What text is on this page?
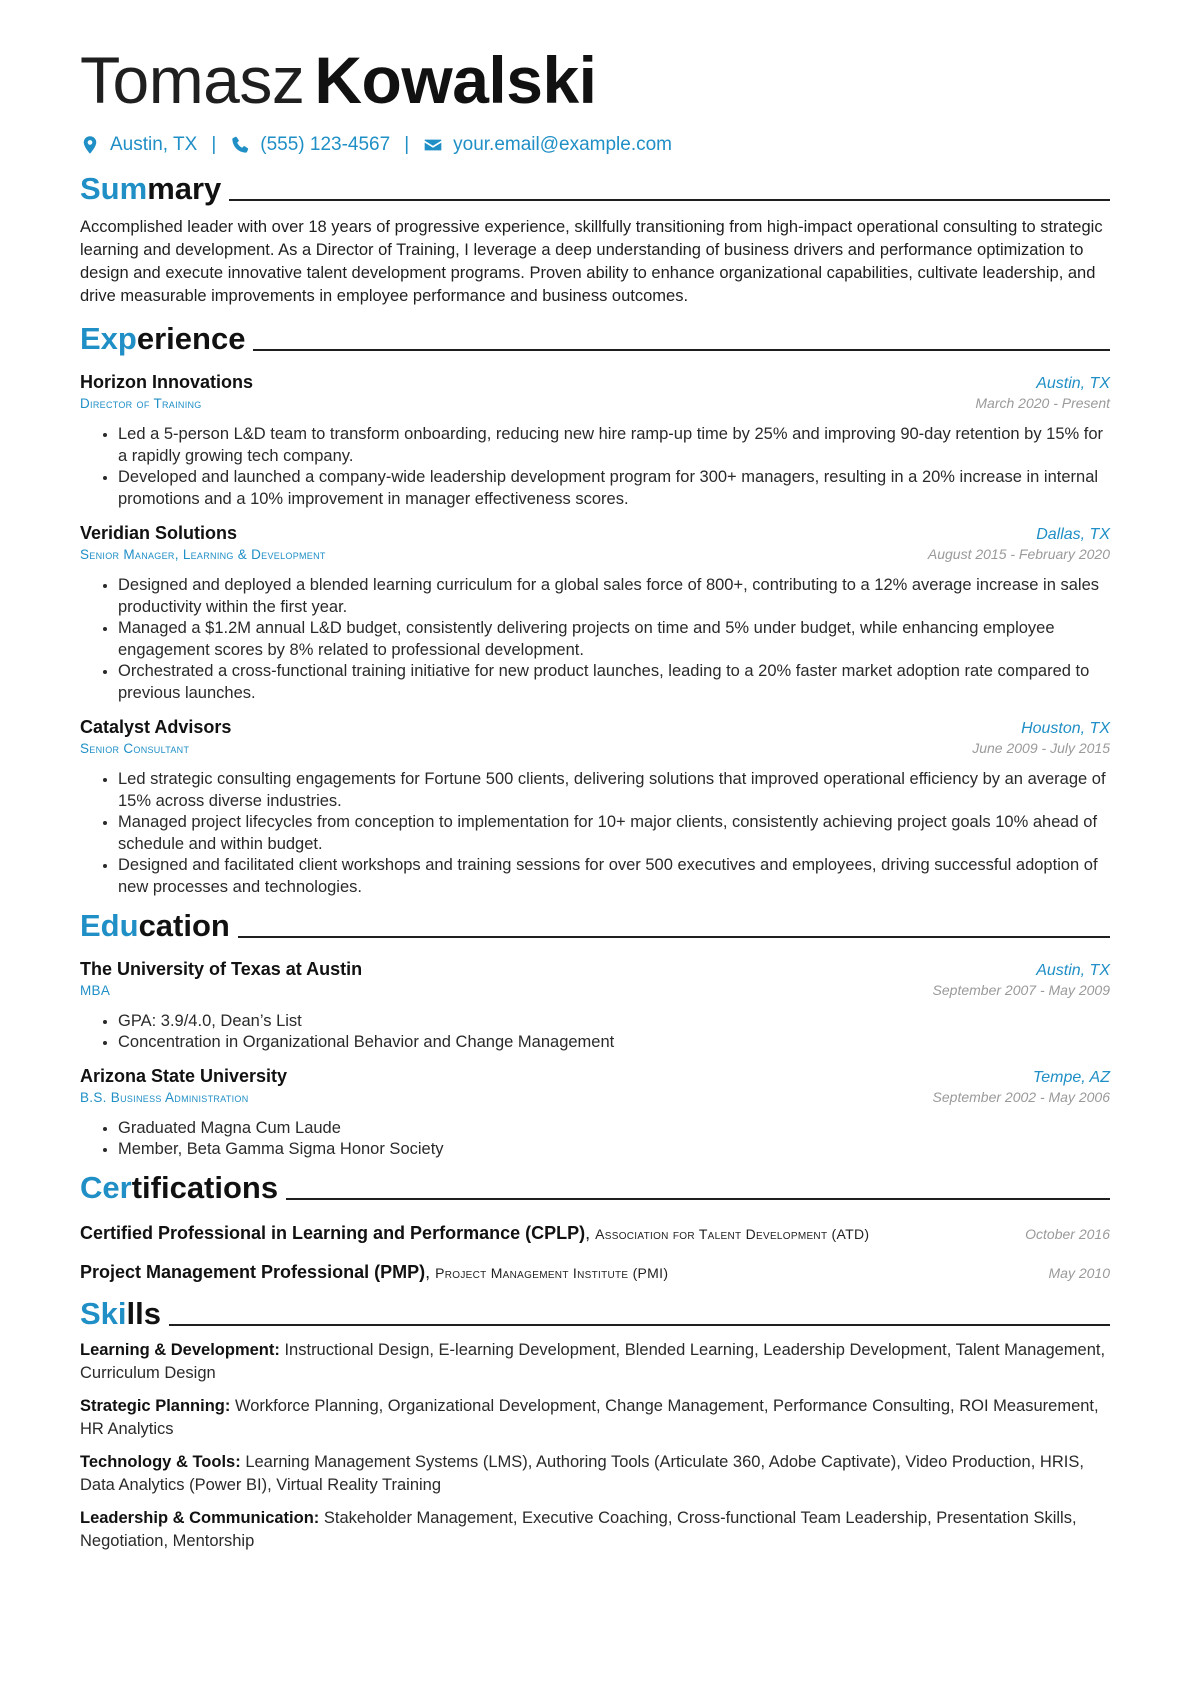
Tomasz Kowalski
Austin, TX | (555) 123-4567 | your.email@example.com
Summary

Accomplished leader with over 18 years of progressive experience, skillfully transitioning from high-impact operational consulting to strategic learning and development. As a Director of Training, I leverage a deep understanding of business drivers and performance optimization to design and execute innovative talent development programs. Proven ability to enhance organizational capabilities, cultivate leadership, and drive measurable improvements in employee performance and business outcomes.

Experience
Horizon Innovations	Austin, TX
Director of Training	March 2020 - Present
• Led a 5-person L&D team to transform onboarding, reducing new hire ramp-up time by 25% and improving 90-day retention by 15% for a rapidly growing tech company.
• Developed and launched a company-wide leadership development program for 300+ managers, resulting in a 20% increase in internal promotions and a 10% improvement in manager effectiveness scores.
Veridian Solutions	Dallas, TX
Senior Manager, Learning & Development	August 2015 - February 2020
• Designed and deployed a blended learning curriculum for a global sales force of 800+, contributing to a 12% average increase in sales productivity within the first year.
• Managed a $1.2M annual L&D budget, consistently delivering projects on time and 5% under budget, while enhancing employee engagement scores by 8% related to professional development.
• Orchestrated a cross-functional training initiative for new product launches, leading to a 20% faster market adoption rate compared to previous launches.
Catalyst Advisors	Houston, TX
Senior Consultant	June 2009 - July 2015
• Led strategic consulting engagements for Fortune 500 clients, delivering solutions that improved operational efficiency by an average of 15% across diverse industries.
• Managed project lifecycles from conception to implementation for 10+ major clients, consistently achieving project goals 10% ahead of schedule and within budget.
• Designed and facilitated client workshops and training sessions for over 500 executives and employees, driving successful adoption of new processes and technologies.
Education
The University of Texas at Austin	Austin, TX
MBA	September 2007 - May 2009
• GPA: 3.9/4.0, Dean’s List
• Concentration in Organizational Behavior and Change Management
Arizona State University	Tempe, AZ
B.S. Business Administration	September 2002 - May 2006
• Graduated Magna Cum Laude
• Member, Beta Gamma Sigma Honor Society
Certifications
Certified Professional in Learning and Performance (CPLP), Association for Talent Development (ATD)	October 2016
Project Management Professional (PMP), Project Management Institute (PMI)	May 2010
Skills
Learning & Development: Instructional Design, E-learning Development, Blended Learning, Leadership Development, Talent Management, Curriculum Design
Strategic Planning: Workforce Planning, Organizational Development, Change Management, Performance Consulting, ROI Measurement, HR Analytics
Technology & Tools: Learning Management Systems (LMS), Authoring Tools (Articulate 360, Adobe Captivate), Video Production, HRIS, Data Analytics (Power BI), Virtual Reality Training
Leadership & Communication: Stakeholder Management, Executive Coaching, Cross-functional Team Leadership, Presentation Skills, Negotiation, Mentorship
